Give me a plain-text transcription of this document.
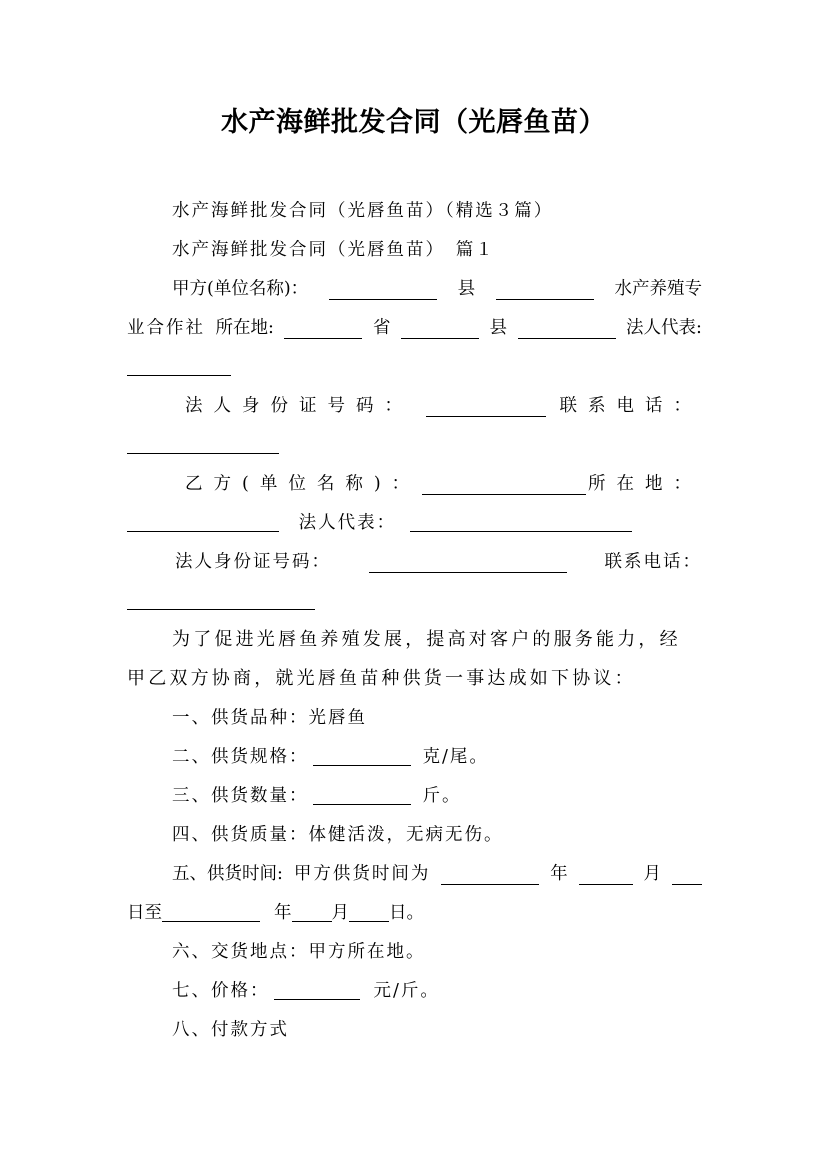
水产海鲜批发合同（光唇鱼苗）
水产海鲜批发合同（光唇鱼苗）（精选３篇）
水产海鲜批发合同（光唇鱼苗）　篇１
甲方(单位名称)：	县	水产养殖专
业合作社 所在地:	省	县	法人代表:
法人身份证号码：	联系电话：
乙方(单位名称)：	所在地：
法人代表：
法人身份证号码：	联系电话：
为了促进光唇鱼养殖发展，提高对客户的服务能力，经
甲乙双方协商，就光唇鱼苗种供货一事达成如下协议：
一、供货品种：光唇鱼
二、供货规格：	克/尾。
三、供货数量：	斤。
四、供货质量：体健活泼，无病无伤。
五、供货时间: 甲方供货时间为	年	月
日至	年 月 日。
六、交货地点：甲方所在地。
七、价格：	元/斤。
八、付款方式
